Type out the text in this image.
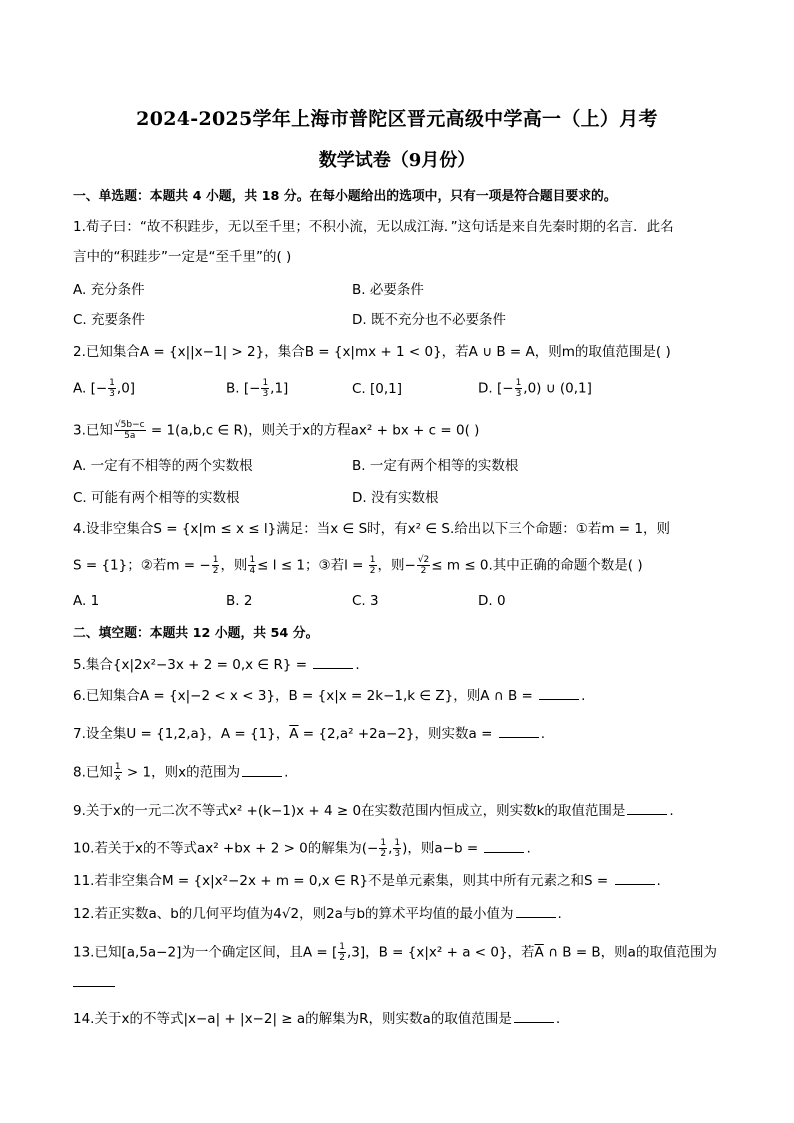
2024-2025学年上海市普陀区晋元高级中学高一（上）月考
数学试卷（9月份）
一、单选题：本题共 4 小题，共 18 分。在每小题给出的选项中，只有一项是符合题目要求的。
1.荀子曰：“故不积跬步，无以至千里；不积小流，无以成江海．”这句话是来自先秦时期的名言．此名
言中的“积跬步”一定是“至千里”的( )
A. 充分条件	B. 必要条件
C. 充要条件	D. 既不充分也不必要条件
2.已知集合A = {x||x−1| > 2}，集合B = {x|mx + 1 < 0}，若A ∪ B = A，则m的取值范围是( )
A. [− $\frac{1}{3} ,0$]	B. [− $\frac{1}{3} ,1$]	C. [0,1]	D. [− $\frac{1}{3} ,0$) ∪ (0,1]
3.已知 $\frac{√5b-c}{5a} = 1(a,b,c$ ∈ R)，则关于x的方程ax² + bx + c = 0( )
A. 一定有不相等的两个实数根	B. 一定有两个相等的实数根
C. 可能有两个相等的实数根	D. 没有实数根
4.设非空集合S = {x|m ≤ x ≤ l}满足：当x ∈ S时，有x² ∈ S.给出以下三个命题：①若m = 1，则
S = {1}；②若m = − $\frac{1}{2}$ ，则 $\frac{1}{4} \le l \le 1$；③若$l = \frac{1}{2}$ ，则− $\frac{√2}{2} \le m \le 0$.其中正确的命题个数是( )
A. 1	B. 2	C. 3	D. 0
二、填空题：本题共 12 小题，共 54 分。
5.集合{x|2x²−3x + 2 = 0,x ∈ R} =	.
6.已知集合A = {x|−2 < x < 3}，B = {x|x = 2k−1,k ∈ Z}，则A ∩ B =	.
7.设全集U = {1,2,a}，A = {1}，$\overline{A} = \{2,a^2 +2a-2\}$，则实数a =	.
8.已知 $\frac{1}{x} > 1$，则x的范围为	.
9.关于x的一元二次不等式x² +(k−1)x + 4 ≥ 0在实数范围内恒成立，则实数k的取值范围是	.
10.若关于x的不等式ax² +bx + 2 > 0的解集为(− $\frac{1}{2}$ , $\frac{1}{3}$ )，则a−b =	.
11.若非空集合M = {x|x²−2x + m = 0,x ∈ R}不是单元素集，则其中所有元素之和S =	.
12.若正实数a、b的几何平均值为4√2，则2a与b的算术平均值的最小值为	.
13.已知[a,5a−2]为一个确定区间，且A = [ $\frac{1}{2} ,3$]，B = {x|x² + a < 0}，若$\overline{A}$ ∩ B = B，则a的取值范围为
14.关于x的不等式|x−a| + |x−2| ≥ a的解集为R，则实数a的取值范围是	.
